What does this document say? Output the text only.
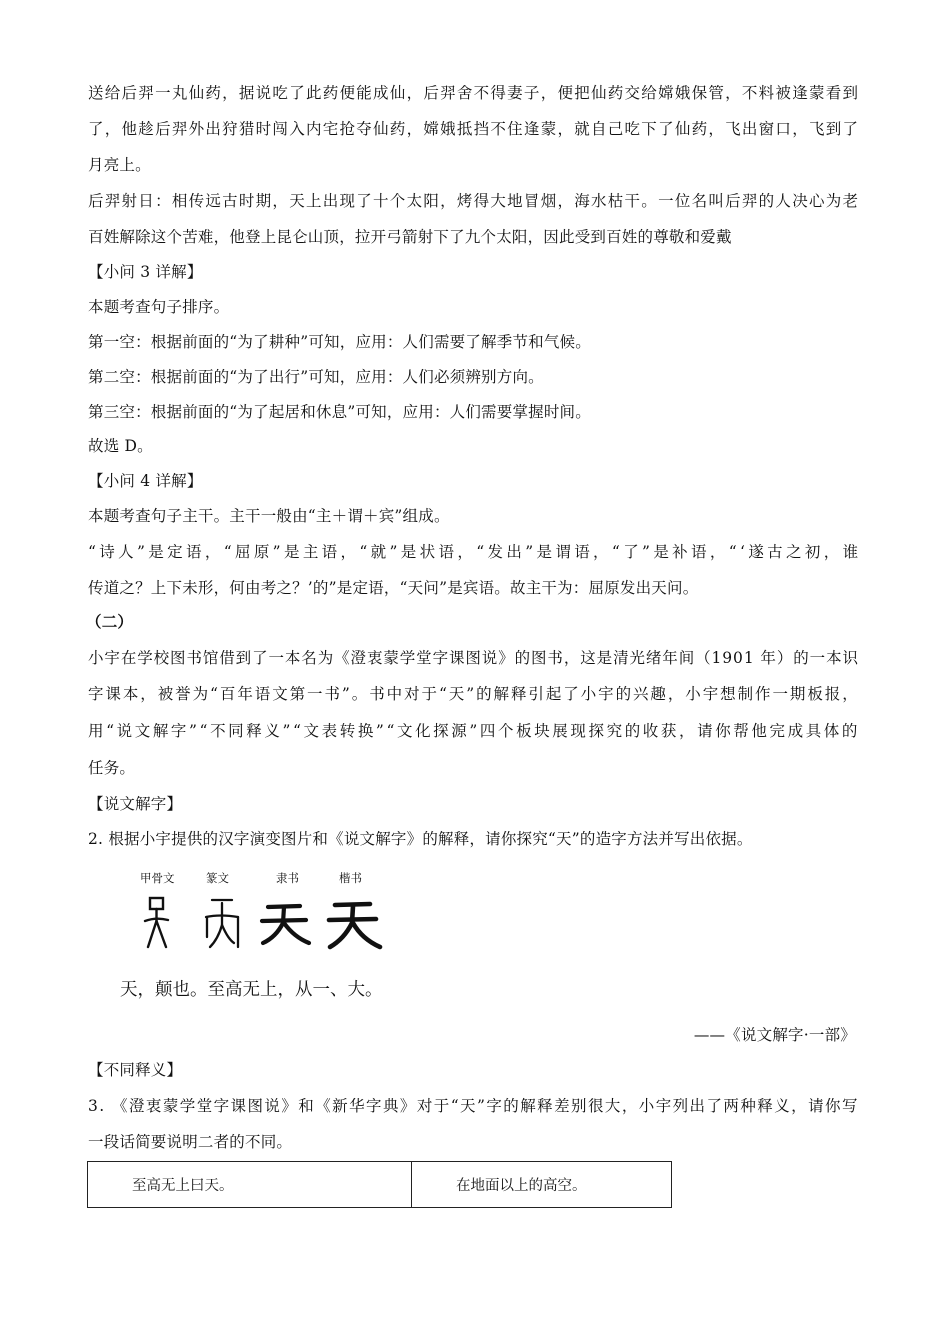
送给后羿一丸仙药，据说吃了此药便能成仙，后羿舍不得妻子，便把仙药交给嫦娥保管，不料被逢蒙看到
了，他趁后羿外出狩猎时闯入内宅抢夺仙药，嫦娥抵挡不住逢蒙，就自己吃下了仙药，飞出窗口，飞到了
月亮上。
后羿射日：相传远古时期，天上出现了十个太阳，烤得大地冒烟，海水枯干。一位名叫后羿的人决心为老
百姓解除这个苦难，他登上昆仑山顶，拉开弓箭射下了九个太阳，因此受到百姓的尊敬和爱戴
【小问 3 详解】
本题考查句子排序。
第一空：根据前面的“为了耕种”可知，应用：人们需要了解季节和气候。
第二空：根据前面的“为了出行”可知，应用：人们必须辨别方向。
第三空：根据前面的“为了起居和休息”可知，应用：人们需要掌握时间。
故选 D。
【小问 4 详解】
本题考查句子主干。主干一般由“主＋谓＋宾”组成。
“诗人”是定语，“屈原”是主语，“就”是状语，“发出”是谓语，“了”是补语，“‘遂古之初，谁
传道之？上下未形，何由考之？’的”是定语，“天问”是宾语。故主干为：屈原发出天问。
（二）
小宇在学校图书馆借到了一本名为《澄衷蒙学堂字课图说》的图书，这是清光绪年间（1901 年）的一本识
字课本，被誉为“百年语文第一书”。书中对于“天”的解释引起了小宇的兴趣，小宇想制作一期板报，
用“说文解字”“不同释义”“文表转换”“文化探源”四个板块展现探究的收获，请你帮他完成具体的
任务。
【说文解字】
2. 根据小宇提供的汉字演变图片和《说文解字》的解释，请你探究“天”的造字方法并写出依据。
甲骨文	篆文	隶书	楷书
天，颠也。至高无上，从一、大。
——《说文解字·一部》
【不同释义】
3. 《澄衷蒙学堂字课图说》和《新华字典》对于“天”字的解释差别很大，小宇列出了两种释义，请你写
一段话简要说明二者的不同。
至高无上曰天。	在地面以上的高空。
